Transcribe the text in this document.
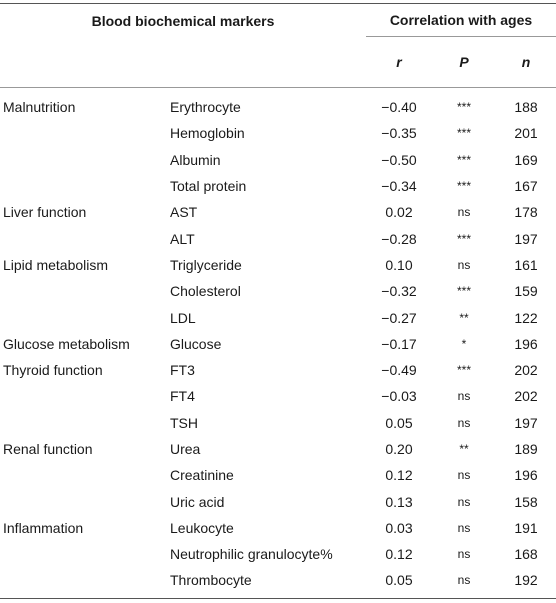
Blood biochemical markers		Correlation with ages		

		r	P	n
Malnutrition	Erythrocyte	−0.40	***	188
	Hemoglobin	−0.35	***	201
	Albumin	−0.50	***	169
	Total protein	−0.34	***	167
Liver function	AST	0.02	ns	178
	ALT	−0.28	***	197
Lipid metabolism	Triglyceride	0.10	ns	161
	Cholesterol	−0.32	***	159
	LDL	−0.27	**	122
Glucose metabolism	Glucose	−0.17	*	196
Thyroid function	FT3	−0.49	***	202
	FT4	−0.03	ns	202
	TSH	0.05	ns	197
Renal function	Urea	0.20	**	189
	Creatinine	0.12	ns	196
	Uric acid	0.13	ns	158
Inflammation	Leukocyte	0.03	ns	191
	Neutrophilic granulocyte%	0.12	ns	168
	Thrombocyte	0.05	ns	192
